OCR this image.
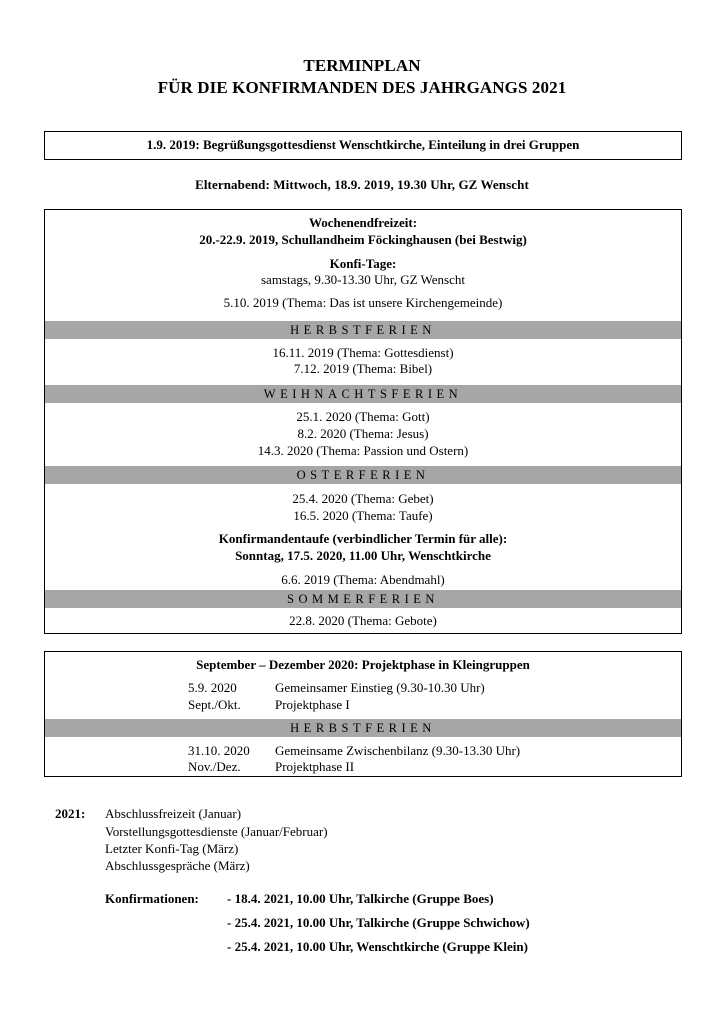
TERMINPLAN
FÜR DIE KONFIRMANDEN DES JAHRGANGS 2021
1.9. 2019: Begrüßungsgottesdienst Wenschtkirche, Einteilung in drei Gruppen
Elternabend: Mittwoch, 18.9. 2019, 19.30 Uhr, GZ Wenscht
Wochenendfreizeit:
20.-22.9. 2019, Schullandheim Föckinghausen (bei Bestwig)
Konfi-Tage:
samstags, 9.30-13.30 Uhr, GZ Wenscht
5.10. 2019 (Thema: Das ist unsere Kirchengemeinde)
HERBSTFERIEN
16.11. 2019 (Thema: Gottesdienst)
7.12. 2019 (Thema: Bibel)
WEIHNACHTSFERIEN
25.1. 2020 (Thema: Gott)
8.2. 2020 (Thema: Jesus)
14.3. 2020 (Thema: Passion und Ostern)
OSTERFERIEN
25.4. 2020 (Thema: Gebet)
16.5. 2020 (Thema: Taufe)
Konfirmandentaufe (verbindlicher Termin für alle):
Sonntag, 17.5. 2020, 11.00 Uhr, Wenschtkirche
6.6. 2019 (Thema: Abendmahl)
SOMMERFERIEN
22.8. 2020 (Thema: Gebote)
September – Dezember 2020: Projektphase in Kleingruppen
5.9. 2020	Gemeinsamer Einstieg (9.30-10.30 Uhr)
Sept./Okt.	Projektphase I
HERBSTFERIEN
31.10. 2020 Gemeinsame Zwischenbilanz (9.30-13.30 Uhr)
Nov./Dez.	Projektphase II
2021: Abschlussfreizeit (Januar)
Vorstellungsgottesdienste (Januar/Februar)
Letzter Konfi-Tag (März)
Abschlussgespräche (März)
Konfirmationen: - 18.4. 2021, 10.00 Uhr, Talkirche (Gruppe Boes)
- 25.4. 2021, 10.00 Uhr, Talkirche (Gruppe Schwichow)
- 25.4. 2021, 10.00 Uhr, Wenschtkirche (Gruppe Klein)
